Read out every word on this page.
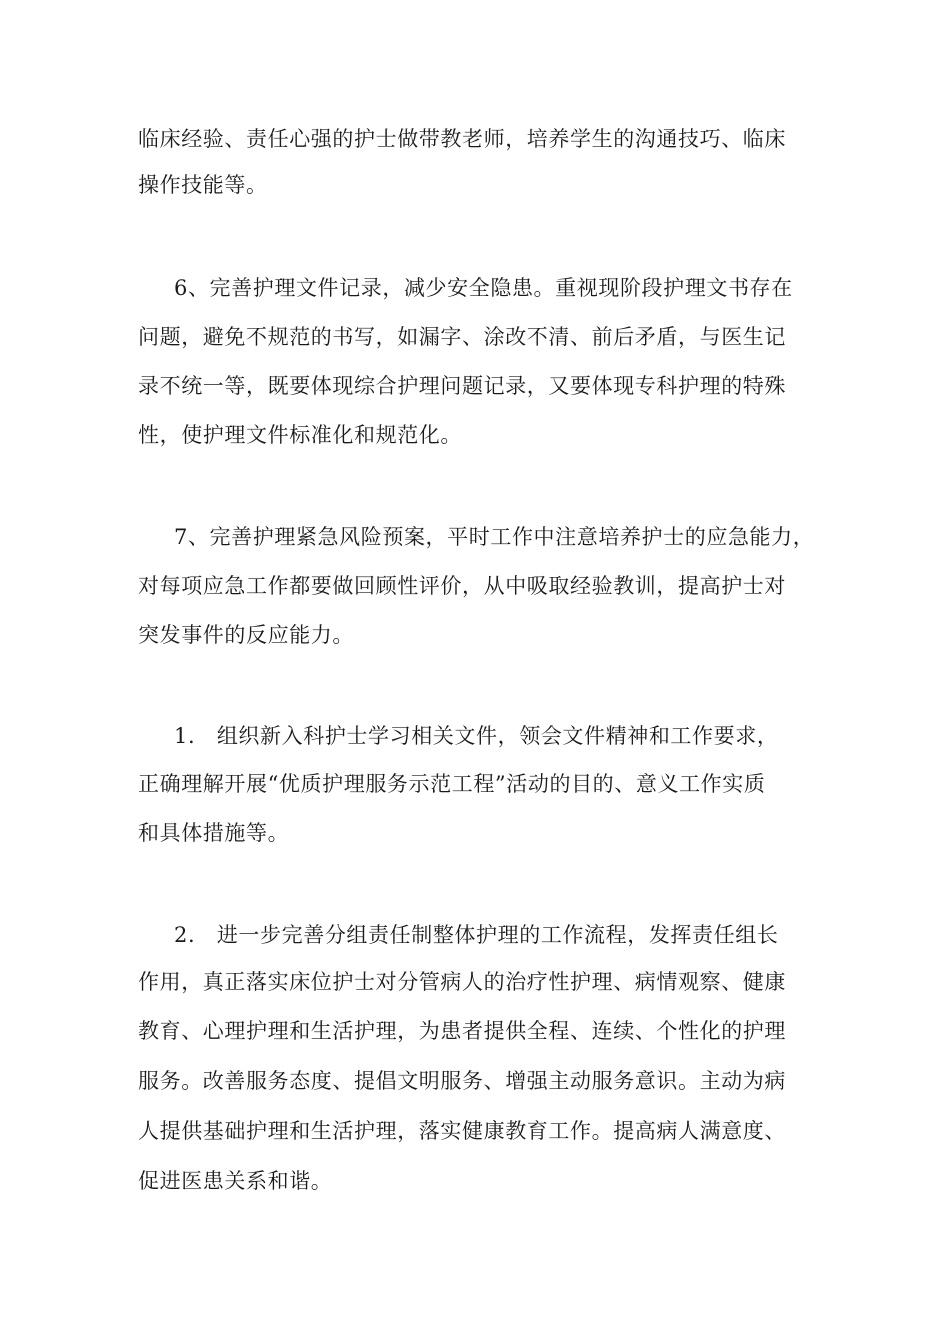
临床经验、责任心强的护士做带教老师，培养学生的沟通技巧、临床

操作技能等。

6、完善护理文件记录，减少安全隐患。重视现阶段护理文书存在

问题，避免不规范的书写，如漏字、涂改不清、前后矛盾，与医生记

录不统一等，既要体现综合护理问题记录，又要体现专科护理的特殊

性，使护理文件标准化和规范化。

7、完善护理紧急风险预案，平时工作中注意培养护士的应急能力，

对每项应急工作都要做回顾性评价，从中吸取经验教训，提高护士对

突发事件的反应能力。

1.　组织新入科护士学习相关文件，领会文件精神和工作要求，

正确理解开展“优质护理服务示范工程”活动的目的、意义工作实质

和具体措施等。

2.　进一步完善分组责任制整体护理的工作流程，发挥责任组长

作用，真正落实床位护士对分管病人的治疗性护理、病情观察、健康

教育、心理护理和生活护理，为患者提供全程、连续、个性化的护理

服务。改善服务态度、提倡文明服务、增强主动服务意识。主动为病

人提供基础护理和生活护理，落实健康教育工作。提高病人满意度、

促进医患关系和谐。
